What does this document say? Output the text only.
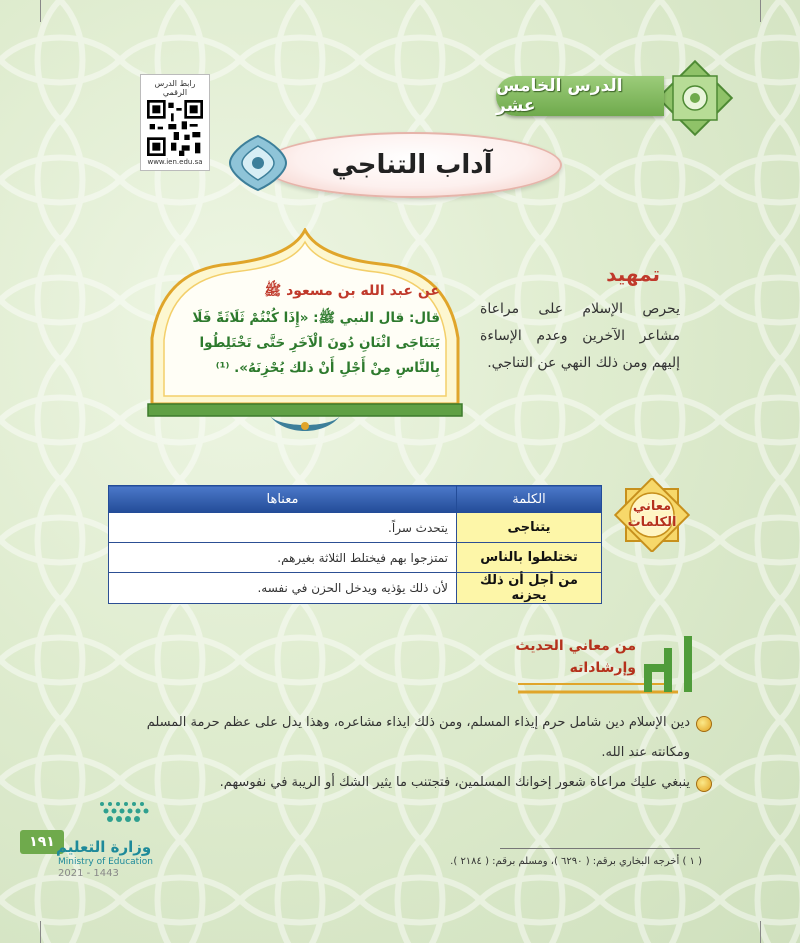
رابط الدرس الرقمي
www.ien.edu.sa
الدرس الخامس عشر
آداب التناجي
تمهيد

يحرص الإسلام على مراعاة مشاعر الآخرين وعدم الإساءة إليهم ومن ذلك النهي عن التناجي.

عن عبد الله بن مسعود ﷺ
قال: قال النبي ﷺ: «إِذَا كُنْتُمْ ثَلَاثَةً فَلَا يَتَنَاجَى اثْنَانِ دُونَ الْآخَرِ حَتَّى تَخْتَلِطُوا بِالنَّاسِ مِنْ أَجْلِ أَنْ ذلك يُحْزِنَهُ». ⁽¹⁾
معاني
الكلمات
الكلمة	معناها
يتناجى	يتحدث سراً.
تختلطوا بالناس	تمتزجوا بهم فيختلط الثلاثة بغيرهم.
من أجل أن ذلك يحزنه	لأن ذلك يؤذيه ويدخل الحزن في نفسه.
من معاني الحديث
وإرشاداته
دين الإسلام دين شامل حرم إيذاء المسلم، ومن ذلك ايذاء مشاعره، وهذا يدل على عظم حرمة المسلم ومكانته عند الله.
ينبغي عليك مراعاة شعور إخوانك المسلمين، فتجتنب ما يثير الشك أو الريبة في نفوسهم.
( ١ ) أخرجه البخاري برقم: ( ٦٢٩٠ )، ومسلم برقم: ( ٢١٨٤ ).
١٩١ وزارة التعليم
Ministry of Education
2021 - 1443
